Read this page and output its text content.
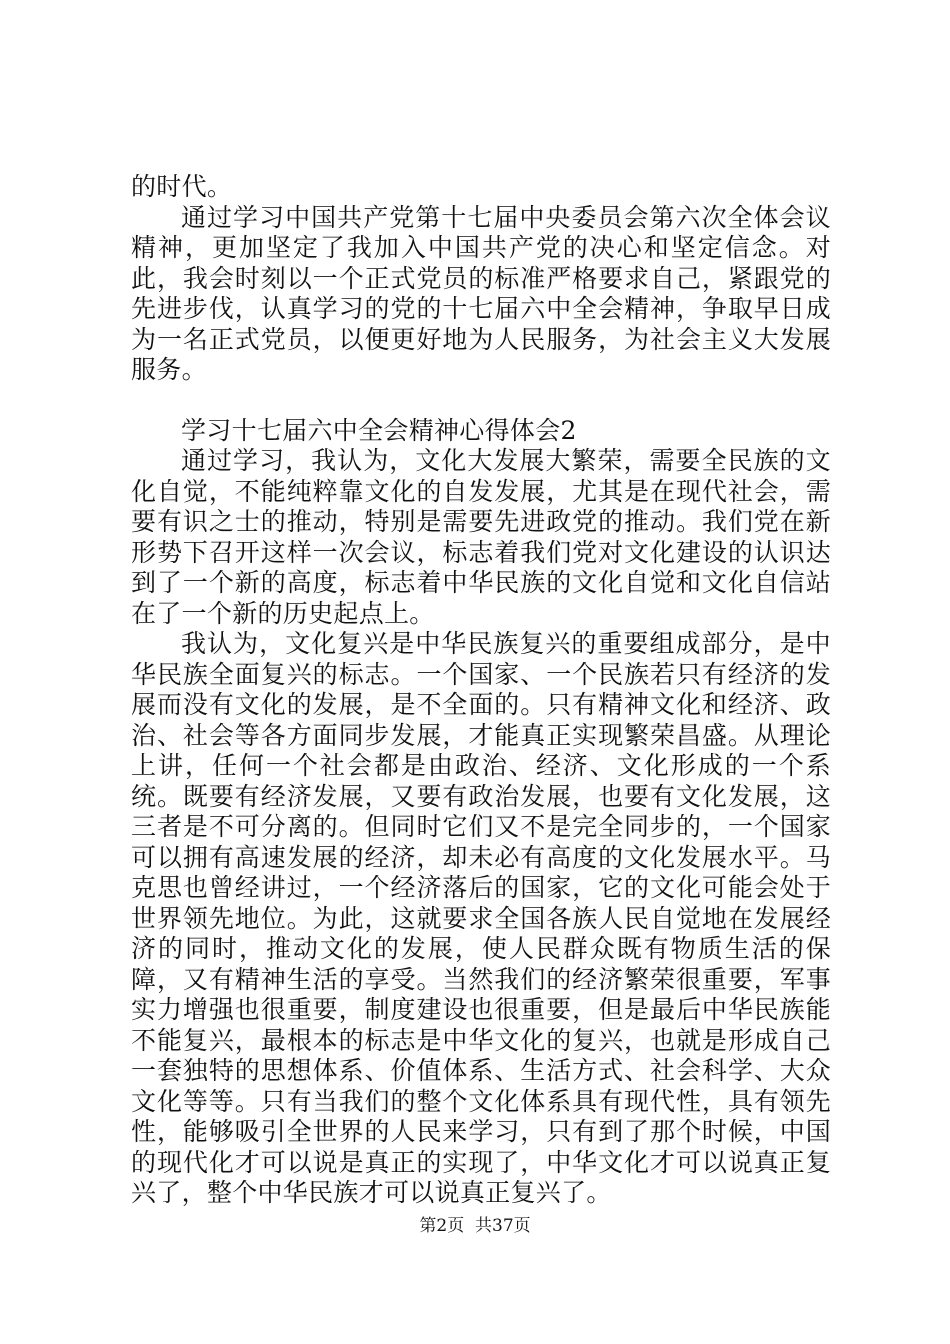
的时代。

通过学习中国共产党第十七届中央委员会第六次全体会议精神，更加坚定了我加入中国共产党的决心和坚定信念。对此，我会时刻以一个正式党员的标准严格要求自己，紧跟党的先进步伐，认真学习的党的十七届六中全会精神，争取早日成为一名正式党员，以便更好地为人民服务，为社会主义大发展服务。

学习十七届六中全会精神心得体会2

通过学习，我认为，文化大发展大繁荣，需要全民族的文化自觉，不能纯粹靠文化的自发发展，尤其是在现代社会，需要有识之士的推动，特别是需要先进政党的推动。我们党在新形势下召开这样一次会议，标志着我们党对文化建设的认识达到了一个新的高度，标志着中华民族的文化自觉和文化自信站在了一个新的历史起点上。

我认为，文化复兴是中华民族复兴的重要组成部分，是中华民族全面复兴的标志。一个国家、一个民族若只有经济的发展而没有文化的发展，是不全面的。只有精神文化和经济、政治、社会等各方面同步发展，才能真正实现繁荣昌盛。从理论上讲，任何一个社会都是由政治、经济、文化形成的一个系统。既要有经济发展，又要有政治发展，也要有文化发展，这三者是不可分离的。但同时它们又不是完全同步的，一个国家可以拥有高速发展的经济，却未必有高度的文化发展水平。马克思也曾经讲过，一个经济落后的国家，它的文化可能会处于世界领先地位。为此，这就要求全国各族人民自觉地在发展经济的同时，推动文化的发展，使人民群众既有物质生活的保障，又有精神生活的享受。当然我们的经济繁荣很重要，军事实力增强也很重要，制度建设也很重要，但是最后中华民族能不能复兴，最根本的标志是中华文化的复兴，也就是形成自己一套独特的思想体系、价值体系、生活方式、社会科学、大众文化等等。只有当我们的整个文化体系具有现代性，具有领先性，能够吸引全世界的人民来学习，只有到了那个时候，中国的现代化才可以说是真正的实现了，中华文化才可以说真正复兴了，整个中华民族才可以说真正复兴了。

第2页 共37页
